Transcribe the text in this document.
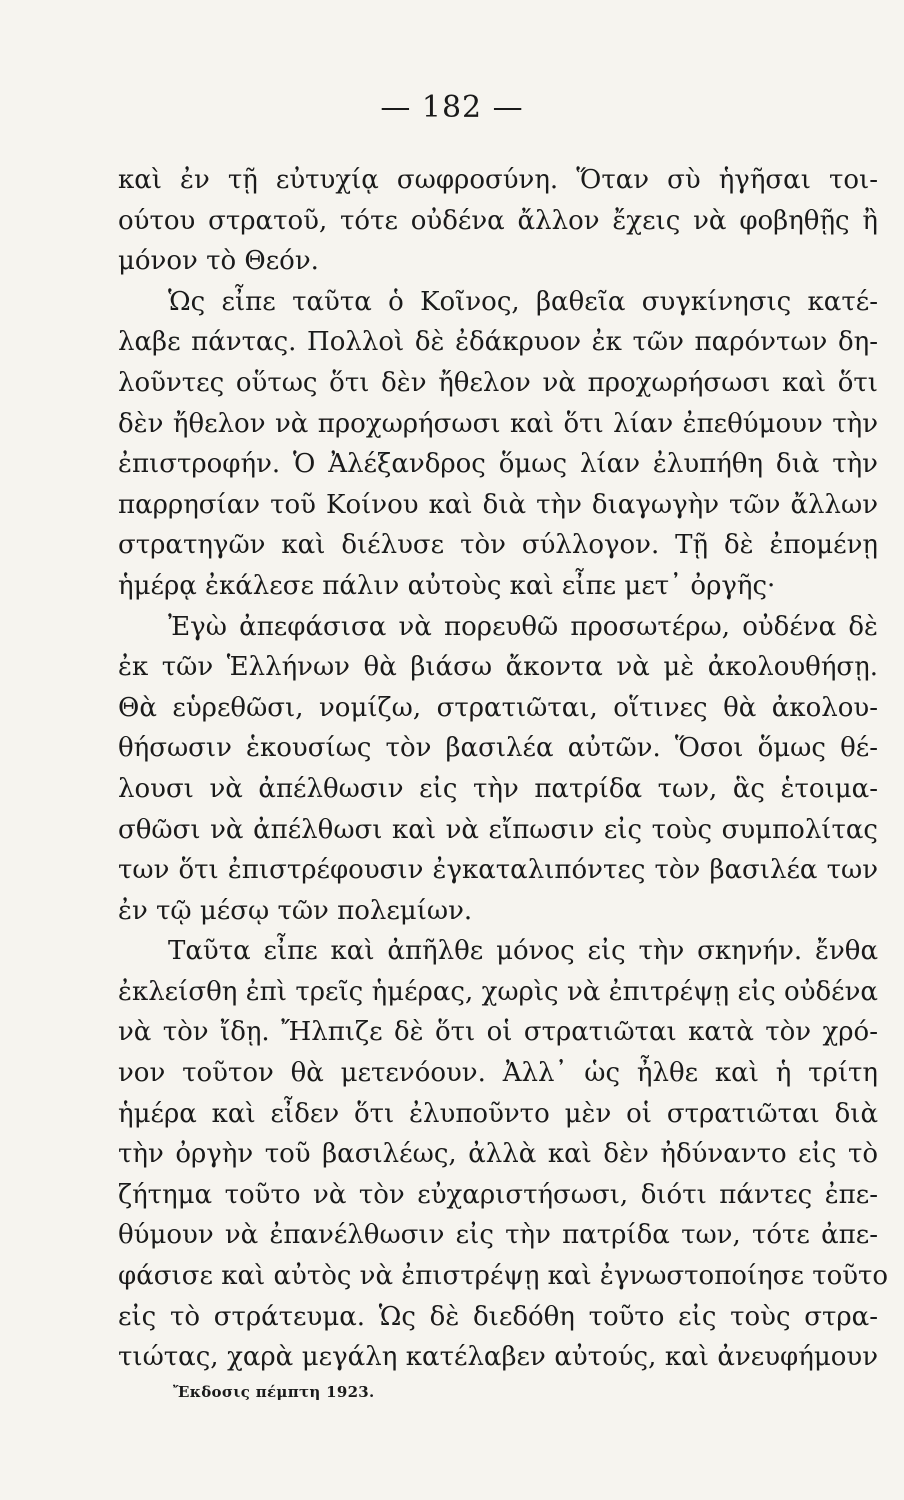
— 182 —
καὶ ἐν τῇ εὐτυχίᾳ σωφροσύνη. Ὅταν σὺ ἡγῆσαι τοι-
ούτου στρατοῦ, τότε οὐδένα ἄλλον ἔχεις νὰ φοβηθῇς ἢ
μόνον τὸ Θεόν.
Ὡς εἶπε ταῦτα ὁ Κοῖνος, βαθεῖα συγκίνησις κατέ-
λαβε πάντας. Πολλοὶ δὲ ἐδάκρυον ἐκ τῶν παρόντων δη-
λοῦντες οὕτως ὅτι δὲν ἤθελον νὰ προχωρήσωσι καὶ ὅτι
δὲν ἤθελον νὰ προχωρήσωσι καὶ ὅτι λίαν ἐπεθύμουν τὴν
ἐπιστροφήν. Ὁ Ἀλέξανδρος ὅμως λίαν ἐλυπήθη διὰ τὴν
παρρησίαν τοῦ Κοίνου καὶ διὰ τὴν διαγωγὴν τῶν ἄλλων
στρατηγῶν καὶ διέλυσε τὸν σύλλογον. Τῇ δὲ ἐπομένῃ
ἡμέρᾳ ἐκάλεσε πάλιν αὐτοὺς καὶ εἶπε μετ᾽ ὀργῆς·
Ἐγὼ ἀπεφάσισα νὰ πορευθῶ προσωτέρω, οὐδένα δὲ
ἐκ τῶν Ἑλλήνων θὰ βιάσω ἄκοντα νὰ μὲ ἀκολουθήσῃ.
Θὰ εὑρεθῶσι, νομίζω, στρατιῶται, οἵτινες θὰ ἀκολου-
θήσωσιν ἑκουσίως τὸν βασιλέα αὐτῶν. Ὅσοι ὅμως θέ-
λουσι νὰ ἀπέλθωσιν εἰς τὴν πατρίδα των, ἃς ἑτοιμα-
σθῶσι νὰ ἀπέλθωσι καὶ νὰ εἴπωσιν εἰς τοὺς συμπολίτας
των ὅτι ἐπιστρέφουσιν ἐγκαταλιπόντες τὸν βασιλέα των
ἐν τῷ μέσῳ τῶν πολεμίων.
Ταῦτα εἶπε καὶ ἀπῆλθε μόνος εἰς τὴν σκηνήν. ἔνθα
ἐκλείσθη ἐπὶ τρεῖς ἡμέρας, χωρὶς νὰ ἐπιτρέψῃ εἰς οὐδένα
νὰ τὸν ἴδῃ. Ἤλπιζε δὲ ὅτι οἱ στρατιῶται κατὰ τὸν χρό-
νον τοῦτον θὰ μετενόουν. Ἀλλ᾽ ὡς ἦλθε καὶ ἡ τρίτη
ἡμέρα καὶ εἶδεν ὅτι ἐλυποῦντο μὲν οἱ στρατιῶται διὰ
τὴν ὀργὴν τοῦ βασιλέως, ἀλλὰ καὶ δὲν ἠδύναντο εἰς τὸ
ζήτημα τοῦτο νὰ τὸν εὐχαριστήσωσι, διότι πάντες ἐπε-
θύμουν νὰ ἐπανέλθωσιν εἰς τὴν πατρίδα των, τότε ἀπε-
φάσισε καὶ αὐτὸς νὰ ἐπιστρέψῃ καὶ ἐγνωστοποίησε τοῦτο
εἰς τὸ στράτευμα. Ὡς δὲ διεδόθη τοῦτο εἰς τοὺς στρα-
τιώτας, χαρὰ μεγάλη κατέλαβεν αὐτούς, καὶ ἀνευφήμουν
Ἔκδοσις πέμπτη 1923.
